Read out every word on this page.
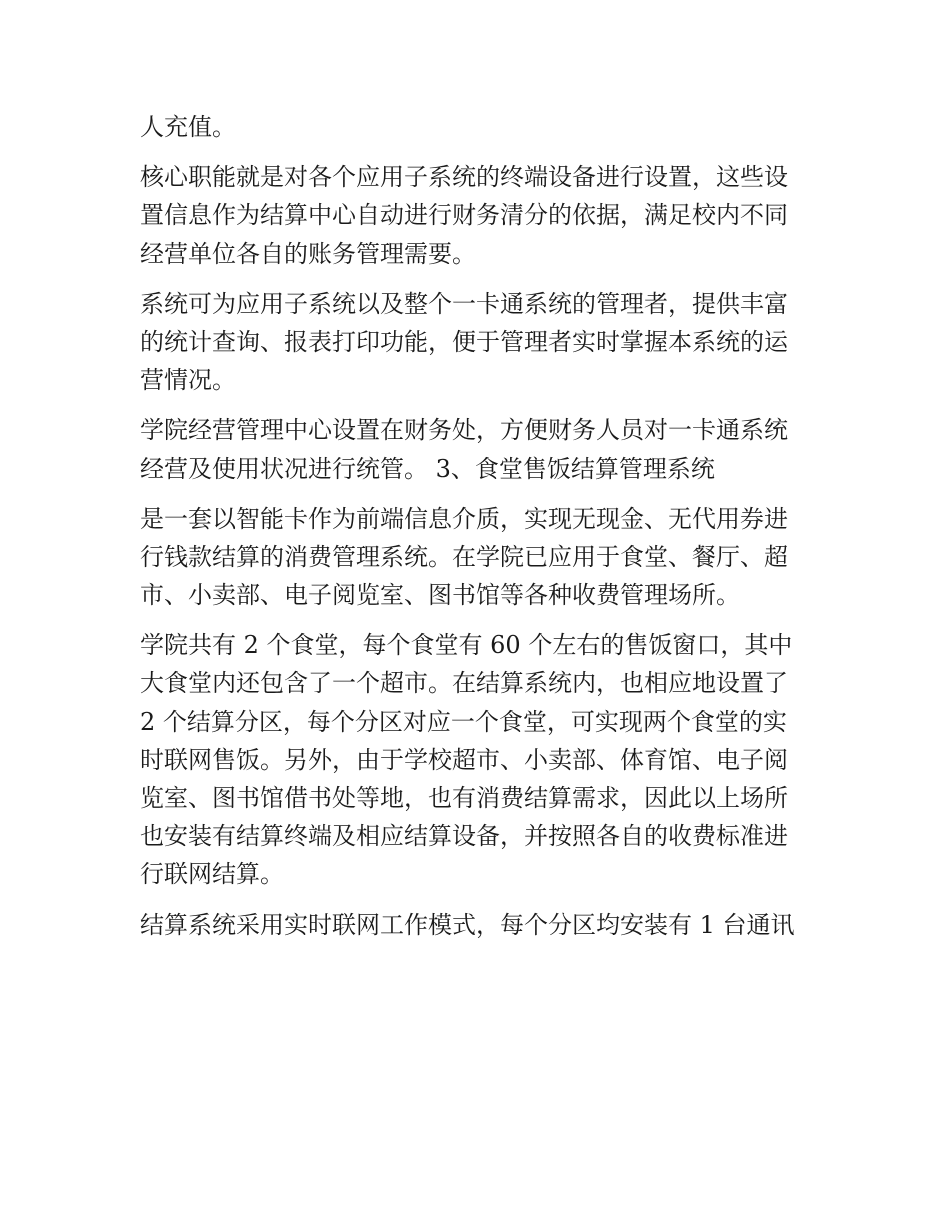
人充值。
核心职能就是对各个应用子系统的终端设备进行设置，这些设
置信息作为结算中心自动进行财务清分的依据，满足校内不同
经营单位各自的账务管理需要。
系统可为应用子系统以及整个一卡通系统的管理者，提供丰富
的统计查询、报表打印功能，便于管理者实时掌握本系统的运
营情况。
学院经营管理中心设置在财务处，方便财务人员对一卡通系统
经营及使用状况进行统管。 3、食堂售饭结算管理系统
是一套以智能卡作为前端信息介质，实现无现金、无代用券进
行钱款结算的消费管理系统。在学院已应用于食堂、餐厅、超
市、小卖部、电子阅览室、图书馆等各种收费管理场所。
学院共有 2 个食堂，每个食堂有 60 个左右的售饭窗口，其中
大食堂内还包含了一个超市。在结算系统内，也相应地设置了
2 个结算分区，每个分区对应一个食堂，可实现两个食堂的实
时联网售饭。另外，由于学校超市、小卖部、体育馆、电子阅
览室、图书馆借书处等地，也有消费结算需求，因此以上场所
也安装有结算终端及相应结算设备，并按照各自的收费标准进
行联网结算。
结算系统采用实时联网工作模式，每个分区均安装有 1 台通讯
